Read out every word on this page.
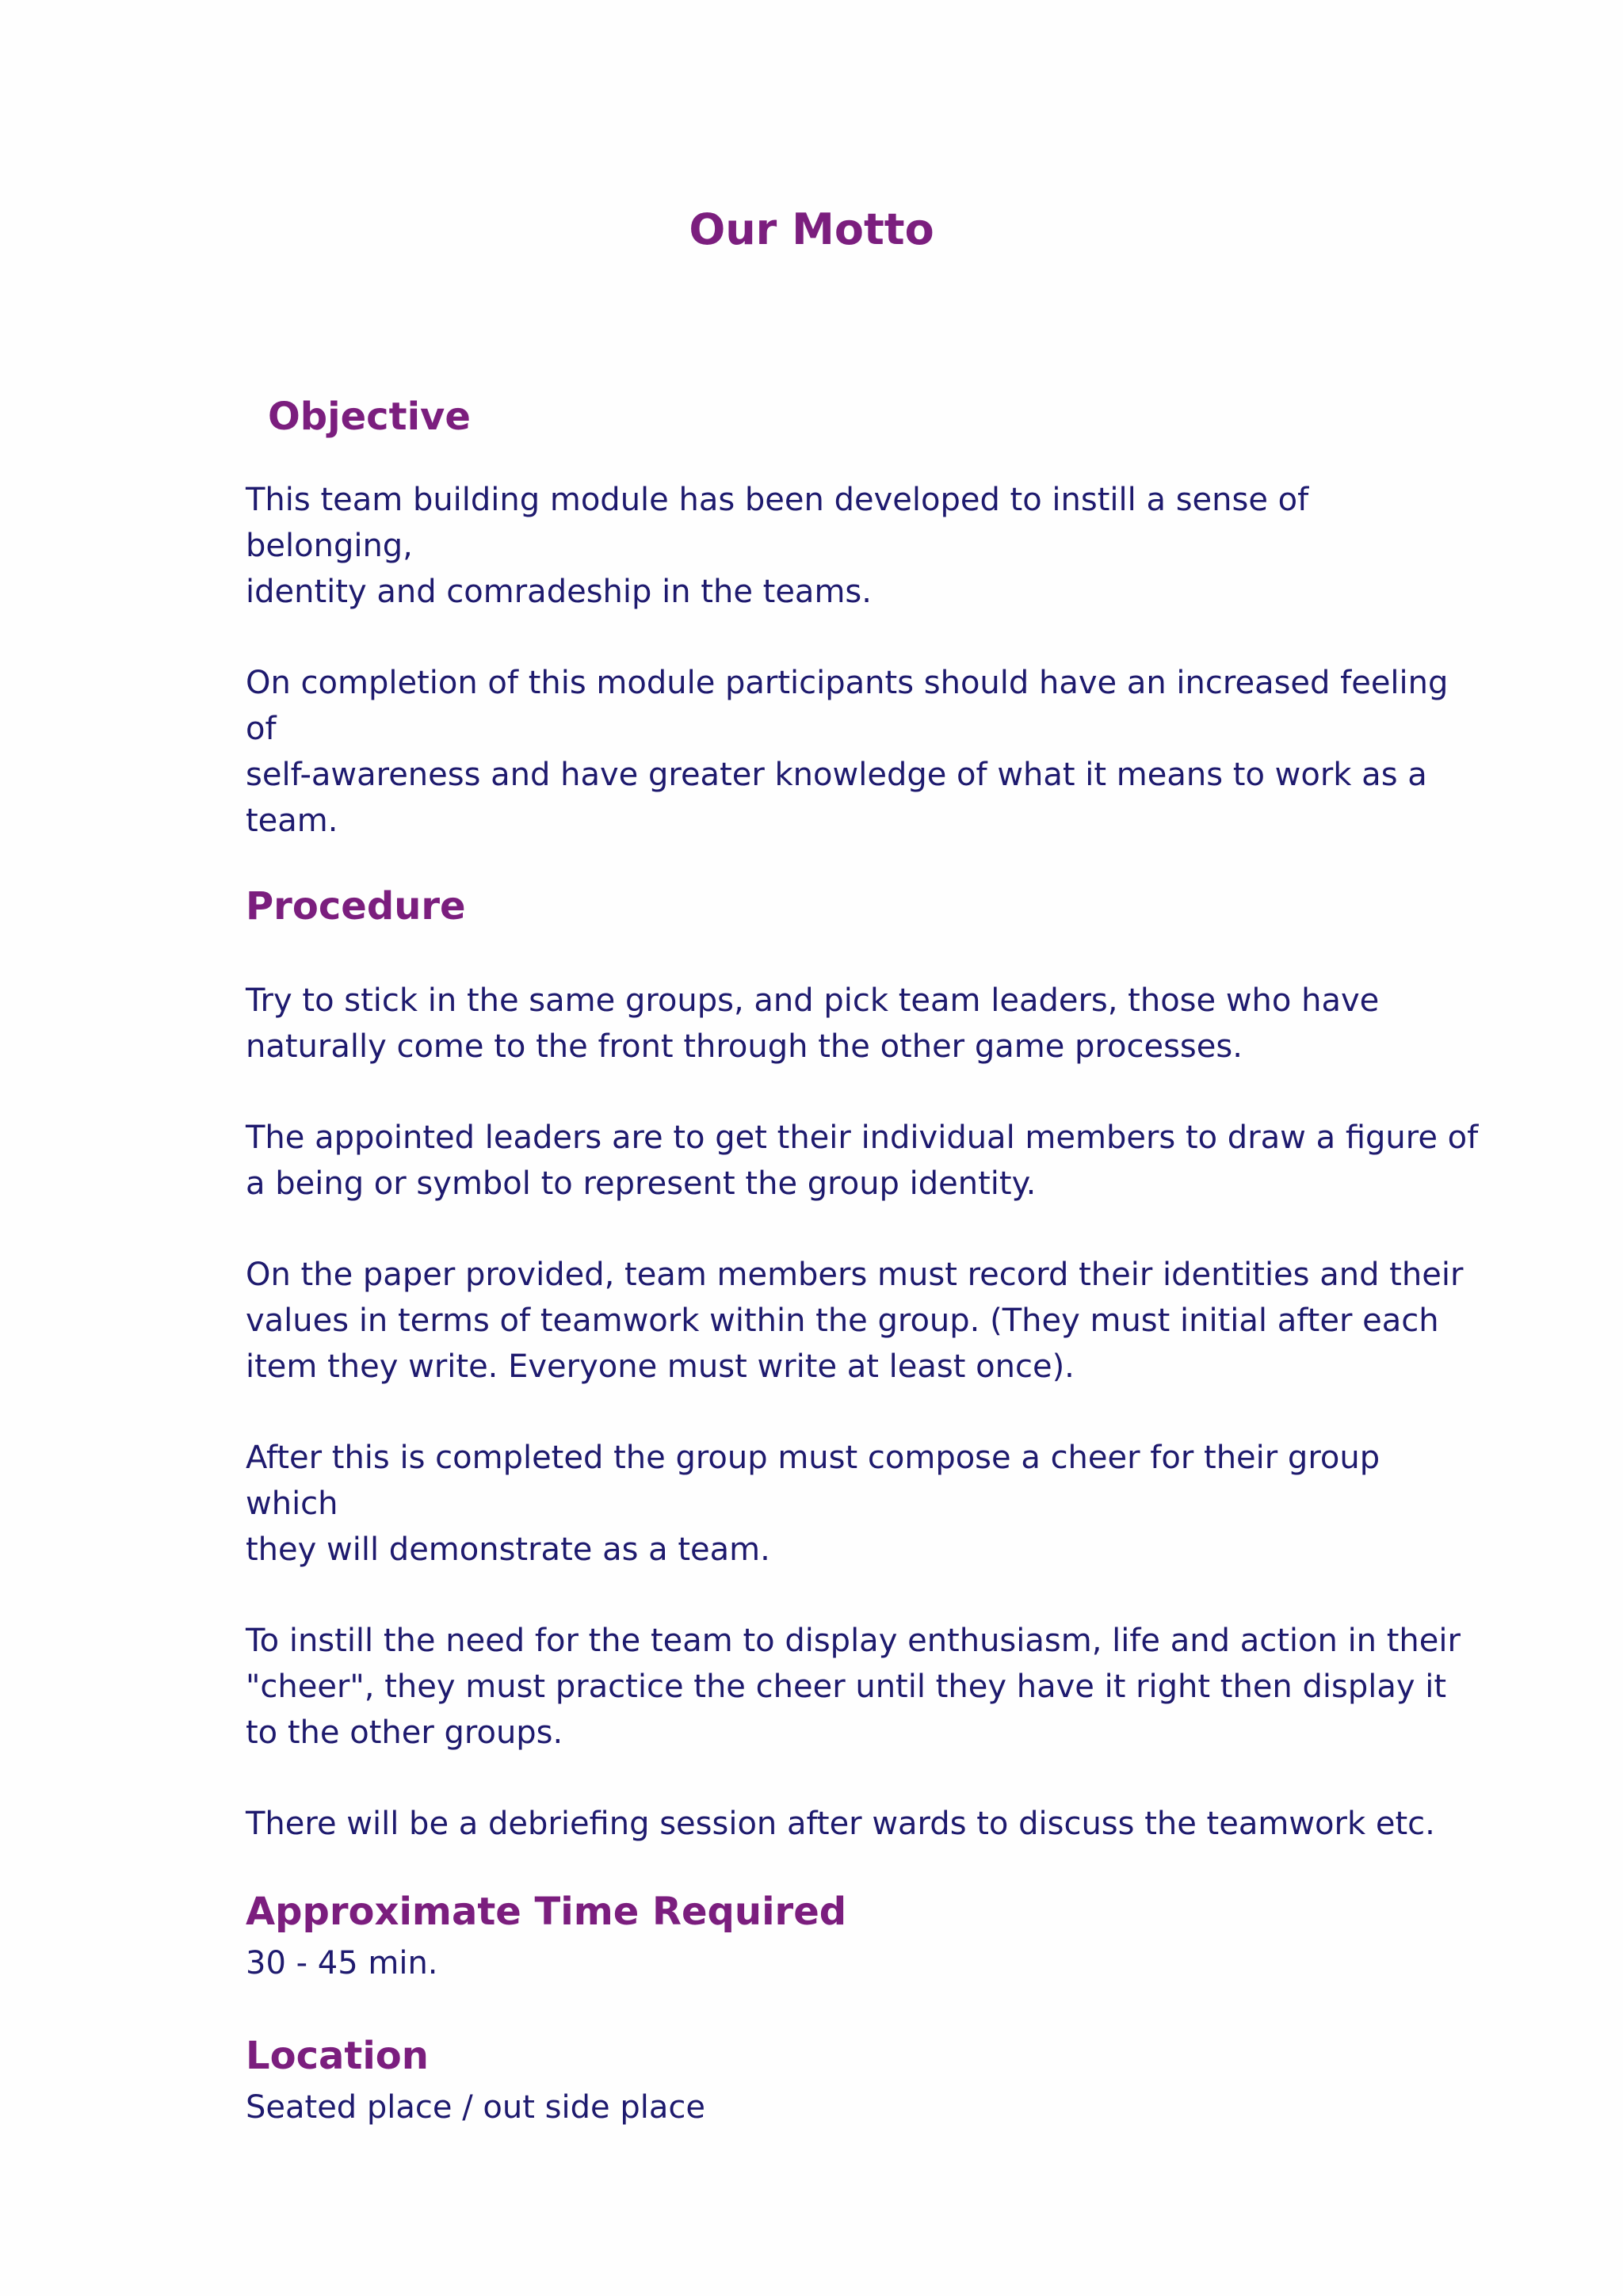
Our Motto
Objective

This team building module has been developed to instill a sense of belonging,
identity and comradeship in the teams.

On completion of this module participants should have an increased feeling of
self-awareness and have greater knowledge of what it means to work as a
team.

Procedure

Try to stick in the same groups, and pick team leaders, those who have
naturally come to the front through the other game processes.

The appointed leaders are to get their individual members to draw a figure of
a being or symbol to represent the group identity.

On the paper provided, team members must record their identities and their
values in terms of teamwork within the group. (They must initial after each
item they write. Everyone must write at least once).

After this is completed the group must compose a cheer for their group which
they will demonstrate as a team.

To instill the need for the team to display enthusiasm, life and action in their
"cheer", they must practice the cheer until they have it right then display it
to the other groups.

There will be a debriefing session after wards to discuss the teamwork etc.

Approximate Time Required

30 - 45 min.

Location

Seated place / out side place
